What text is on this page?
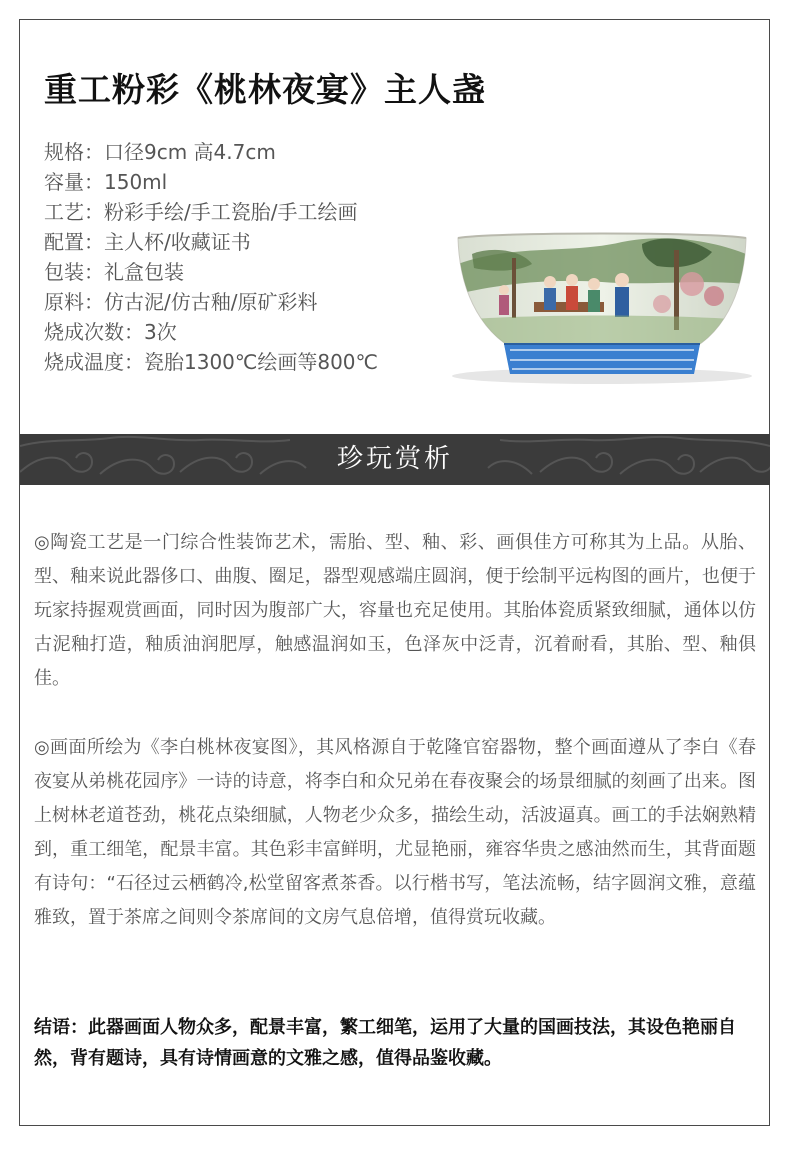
重工粉彩《桃林夜宴》主人盏
规格：口径9cm 高4.7cm
容量：150ml
工艺：粉彩手绘/手工瓷胎/手工绘画
配置：主人杯/收藏证书
包装：礼盒包装
原料：仿古泥/仿古釉/原矿彩料
烧成次数：3次
烧成温度：瓷胎1300℃绘画等800℃
珍玩赏析

◎陶瓷工艺是一门综合性装饰艺术，需胎、型、釉、彩、画俱佳方可称其为上品。从胎、型、釉来说此器侈口、曲腹、圈足，器型观感端庄圆润，便于绘制平远构图的画片，也便于玩家持握观赏画面，同时因为腹部广大，容量也充足使用。其胎体瓷质紧致细腻，通体以仿古泥釉打造，釉质油润肥厚，触感温润如玉，色泽灰中泛青，沉着耐看，其胎、型、釉俱佳。

◎画面所绘为《李白桃林夜宴图》，其风格源自于乾隆官窑器物，整个画面遵从了李白《春夜宴从弟桃花园序》一诗的诗意，将李白和众兄弟在春夜聚会的场景细腻的刻画了出来。图上树林老道苍劲，桃花点染细腻，人物老少众多，描绘生动，活波逼真。画工的手法娴熟精到，重工细笔，配景丰富。其色彩丰富鲜明，尤显艳丽，雍容华贵之感油然而生，其背面题有诗句：“石径过云栖鹤冷,松堂留客煮茶香。以行楷书写，笔法流畅，结字圆润文雅，意蕴雅致，置于茶席之间则令茶席间的文房气息倍增，值得赏玩收藏。

结语：此器画面人物众多，配景丰富，繁工细笔，运用了大量的国画技法，其设色艳丽自然，背有题诗，具有诗情画意的文雅之感，值得品鉴收藏。
